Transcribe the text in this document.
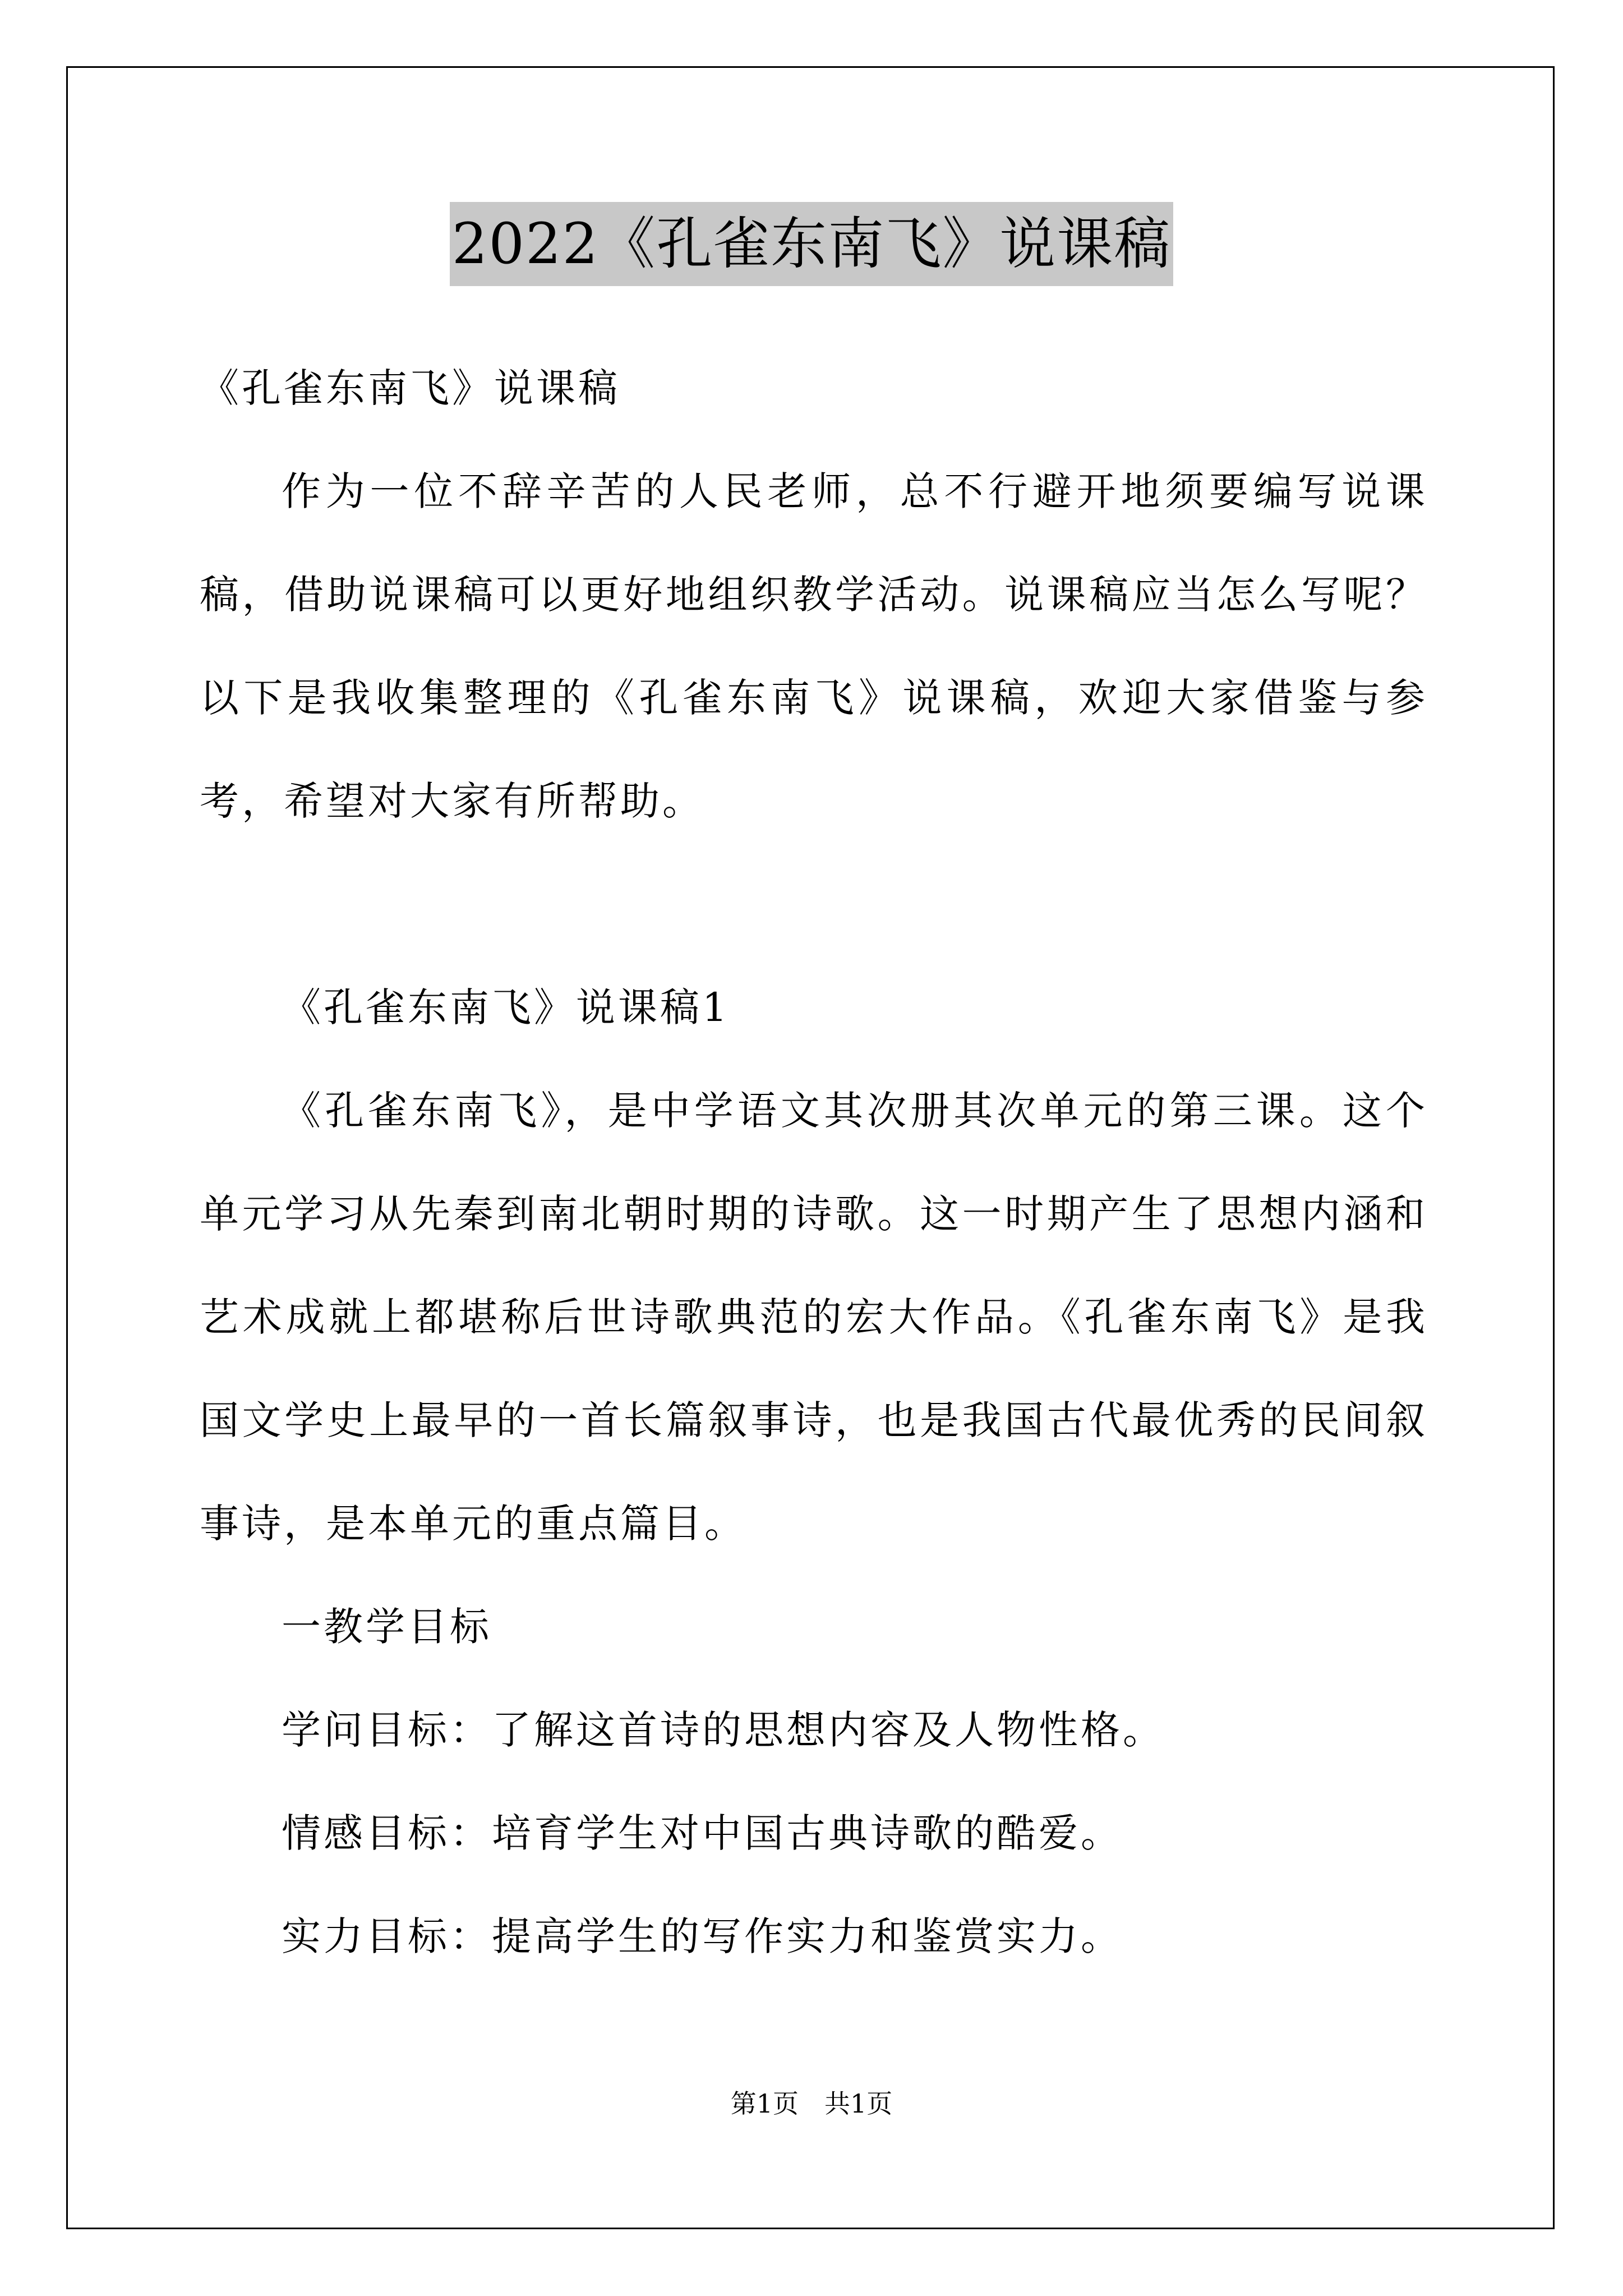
2022《孔雀东南飞》说课稿

《孔雀东南飞》说课稿

作为一位不辞辛苦的人民老师，总不行避开地须要编写说课稿，借助说课稿可以更好地组织教学活动。说课稿应当怎么写呢？以下是我收集整理的《孔雀东南飞》说课稿，欢迎大家借鉴与参考，希望对大家有所帮助。

《孔雀东南飞》说课稿1

《孔雀东南飞》，是中学语文其次册其次单元的第三课。这个单元学习从先秦到南北朝时期的诗歌。这一时期产生了思想内涵和艺术成就上都堪称后世诗歌典范的宏大作品。《孔雀东南飞》是我国文学史上最早的一首长篇叙事诗，也是我国古代最优秀的民间叙事诗，是本单元的重点篇目。

一教学目标

学问目标：了解这首诗的思想内容及人物性格。

情感目标：培育学生对中国古典诗歌的酷爱。

实力目标：提高学生的写作实力和鉴赏实力。

第1页 共1页
